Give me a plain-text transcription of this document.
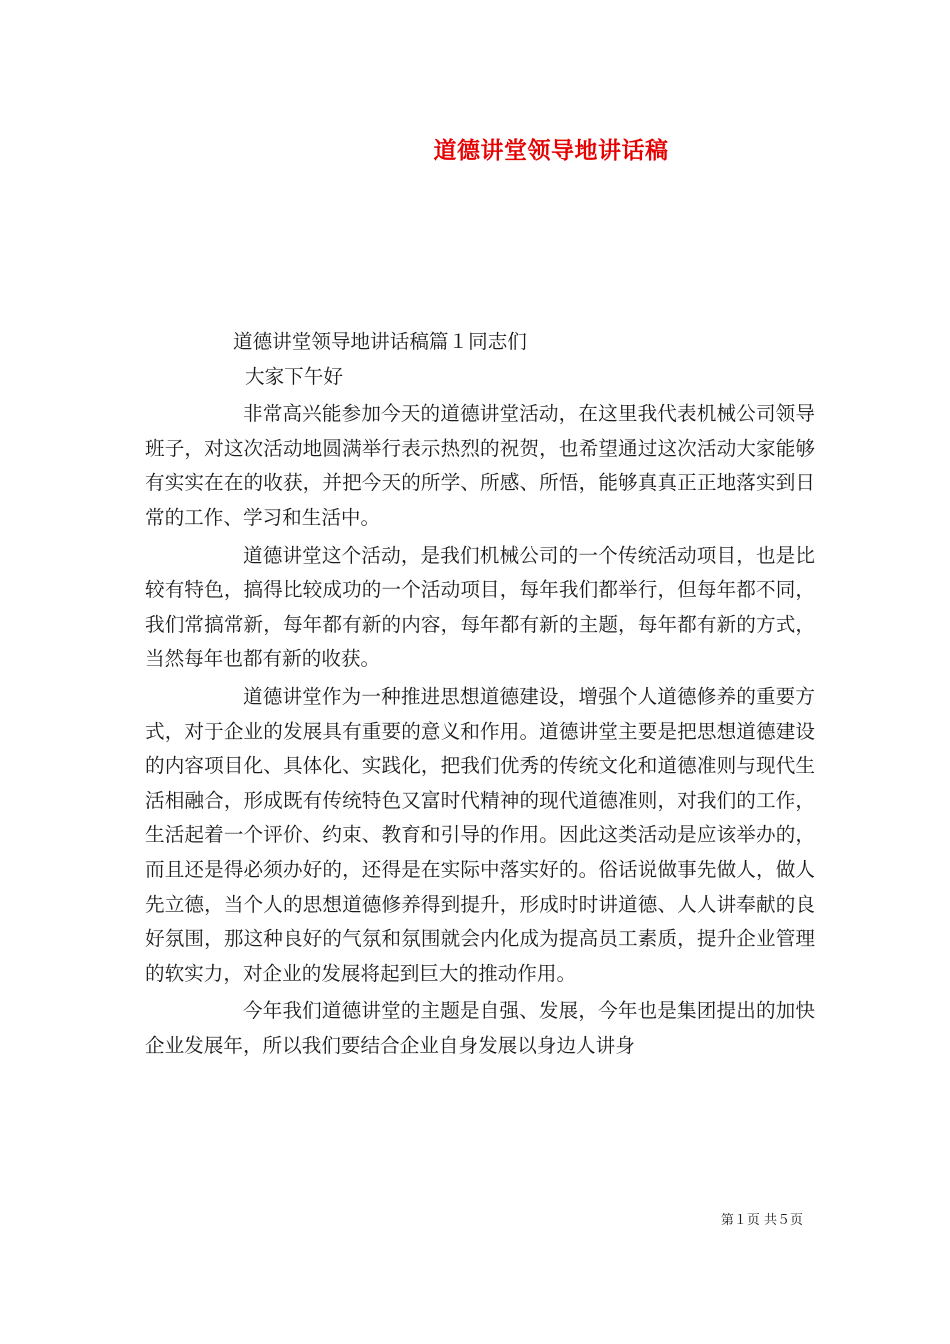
道德讲堂领导地讲话稿
道德讲堂领导地讲话稿篇１同志们
大家下午好

非常高兴能参加今天的道德讲堂活动，在这里我代表机械公司领导班子，对这次活动地圆满举行表示热烈的祝贺，也希望通过这次活动大家能够有实实在在的收获，并把今天的所学、所感、所悟，能够真真正正地落实到日常的工作、学习和生活中。

道德讲堂这个活动，是我们机械公司的一个传统活动项目，也是比较有特色，搞得比较成功的一个活动项目，每年我们都举行，但每年都不同，我们常搞常新，每年都有新的内容，每年都有新的主题，每年都有新的方式，当然每年也都有新的收获。

道德讲堂作为一种推进思想道德建设，增强个人道德修养的重要方式，对于企业的发展具有重要的意义和作用。道德讲堂主要是把思想道德建设的内容项目化、具体化、实践化，把我们优秀的传统文化和道德准则与现代生活相融合，形成既有传统特色又富时代精神的现代道德准则，对我们的工作，生活起着一个评价、约束、教育和引导的作用。因此这类活动是应该举办的，而且还是得必须办好的，还得是在实际中落实好的。俗话说做事先做人，做人先立德，当个人的思想道德修养得到提升，形成时时讲道德、人人讲奉献的良好氛围，那这种良好的气氛和氛围就会内化成为提高员工素质，提升企业管理的软实力，对企业的发展将起到巨大的推动作用。

今年我们道德讲堂的主题是自强、发展，今年也是集团提出的加快企业发展年，所以我们要结合企业自身发展以身边人讲身

第１页 共５页
